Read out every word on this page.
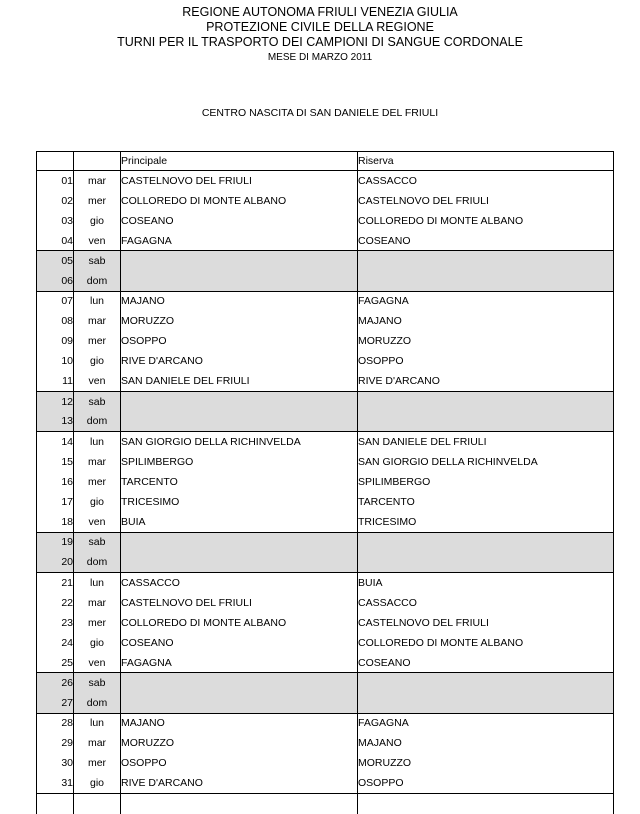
REGIONE AUTONOMA FRIULI VENEZIA GIULIA
PROTEZIONE CIVILE DELLA REGIONE
TURNI PER IL TRASPORTO DEI CAMPIONI DI SANGUE CORDONALE
MESE DI MARZO 2011
CENTRO NASCITA DI SAN DANIELE DEL FRIULI
		Principale	Riserva
01	mar	CASTELNOVO DEL FRIULI	CASSACCO
02	mer	COLLOREDO DI MONTE ALBANO	CASTELNOVO DEL FRIULI
03	gio	COSEANO	COLLOREDO DI MONTE ALBANO
04	ven	FAGAGNA	COSEANO
05	sab		
06	dom		
07	lun	MAJANO	FAGAGNA
08	mar	MORUZZO	MAJANO
09	mer	OSOPPO	MORUZZO
10	gio	RIVE D'ARCANO	OSOPPO
11	ven	SAN DANIELE DEL FRIULI	RIVE D'ARCANO
12	sab		
13	dom		
14	lun	SAN GIORGIO DELLA RICHINVELDA	SAN DANIELE DEL FRIULI
15	mar	SPILIMBERGO	SAN GIORGIO DELLA RICHINVELDA
16	mer	TARCENTO	SPILIMBERGO
17	gio	TRICESIMO	TARCENTO
18	ven	BUIA	TRICESIMO
19	sab		
20	dom		
21	lun	CASSACCO	BUIA
22	mar	CASTELNOVO DEL FRIULI	CASSACCO
23	mer	COLLOREDO DI MONTE ALBANO	CASTELNOVO DEL FRIULI
24	gio	COSEANO	COLLOREDO DI MONTE ALBANO
25	ven	FAGAGNA	COSEANO
26	sab		
27	dom		
28	lun	MAJANO	FAGAGNA
29	mar	MORUZZO	MAJANO
30	mer	OSOPPO	MORUZZO
31	gio	RIVE D'ARCANO	OSOPPO
